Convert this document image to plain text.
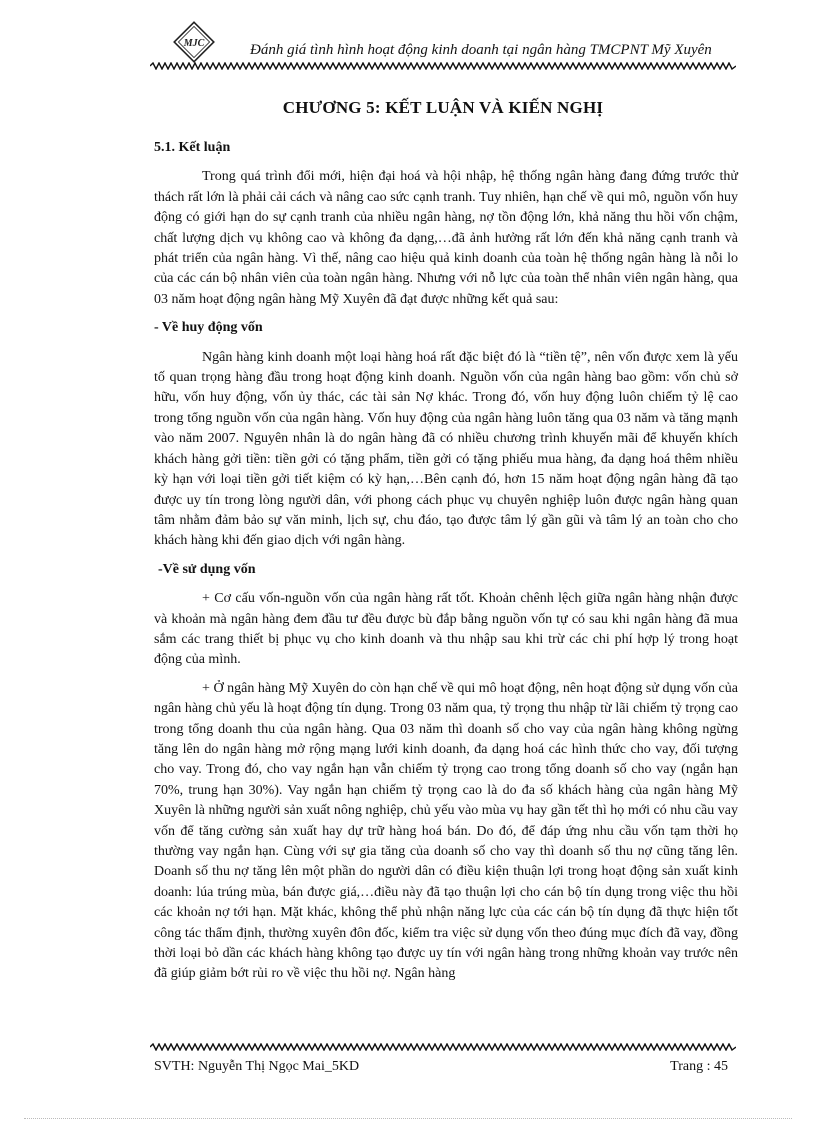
MJC	Đánh giá tình hình hoạt động kinh doanh tại ngân hàng TMCPNT Mỹ Xuyên
CHƯƠNG 5: KẾT LUẬN VÀ KIẾN NGHỊ
5.1. Kết luận

Trong quá trình đổi mới, hiện đại hoá và hội nhập, hệ thống ngân hàng đang đứng trước thử thách rất lớn là phải cải cách và nâng cao sức cạnh tranh. Tuy nhiên, hạn chế về qui mô, nguồn vốn huy động có giới hạn do sự cạnh tranh của nhiều ngân hàng, nợ tồn động lớn, khả năng thu hồi vốn chậm, chất lượng dịch vụ không cao và không đa dạng,…đã ảnh hưởng rất lớn đến khả năng cạnh tranh và phát triển của ngân hàng. Vì thế, nâng cao hiệu quả kinh doanh của toàn hệ thống ngân hàng là nỗi lo của các cán bộ nhân viên của toàn ngân hàng. Nhưng với nỗ lực của toàn thể nhân viên ngân hàng, qua 03 năm hoạt động ngân hàng Mỹ Xuyên đã đạt được những kết quả sau:

- Về huy động vốn

Ngân hàng kinh doanh một loại hàng hoá rất đặc biệt đó là “tiền tệ”, nên vốn được xem là yếu tố quan trọng hàng đầu trong hoạt động kinh doanh. Nguồn vốn của ngân hàng bao gồm: vốn chủ sở hữu, vốn huy động, vốn ủy thác, các tài sản Nợ khác. Trong đó, vốn huy động luôn chiếm tỷ lệ cao trong tổng nguồn vốn của ngân hàng. Vốn huy động của ngân hàng luôn tăng qua 03 năm và tăng mạnh vào năm 2007. Nguyên nhân là do ngân hàng đã có nhiều chương trình khuyến mãi để khuyến khích khách hàng gởi tiền: tiền gởi có tặng phẩm, tiền gởi có tặng phiếu mua hàng, đa dạng hoá thêm nhiều kỳ hạn với loại tiền gởi tiết kiệm có kỳ hạn,…Bên cạnh đó, hơn 15 năm hoạt động ngân hàng đã tạo được uy tín trong lòng người dân, với phong cách phục vụ chuyên nghiệp luôn được ngân hàng quan tâm nhằm đảm bảo sự văn minh, lịch sự, chu đáo, tạo được tâm lý gần gũi và tâm lý an toàn cho cho khách hàng khi đến giao dịch với ngân hàng.

-Về sử dụng vốn

+ Cơ cấu vốn-nguồn vốn của ngân hàng rất tốt. Khoản chênh lệch giữa ngân hàng nhận được và khoản mà ngân hàng đem đầu tư đều được bù đắp bằng nguồn vốn tự có sau khi ngân hàng đã mua sắm các trang thiết bị phục vụ cho kinh doanh và thu nhập sau khi trừ các chi phí hợp lý trong hoạt động của mình.

+ Ở ngân hàng Mỹ Xuyên do còn hạn chế về qui mô hoạt động, nên hoạt động sử dụng vốn của ngân hàng chủ yếu là hoạt động tín dụng. Trong 03 năm qua, tỷ trọng thu nhập từ lãi chiếm tỷ trọng cao trong tổng doanh thu của ngân hàng. Qua 03 năm thì doanh số cho vay của ngân hàng không ngừng tăng lên do ngân hàng mở rộng mạng lưới kinh doanh, đa dạng hoá các hình thức cho vay, đối tượng cho vay. Trong đó, cho vay ngắn hạn vẫn chiếm tỷ trọng cao trong tổng doanh số cho vay (ngắn hạn 70%, trung hạn 30%). Vay ngắn hạn chiếm tỷ trọng cao là do đa số khách hàng của ngân hàng Mỹ Xuyên là những người sản xuất nông nghiệp, chủ yếu vào mùa vụ hay gần tết thì họ mới có nhu cầu vay vốn để tăng cường sản xuất hay dự trữ hàng hoá bán. Do đó, để đáp ứng nhu cầu vốn tạm thời họ thường vay ngắn hạn. Cùng với sự gia tăng của doanh số cho vay thì doanh số thu nợ cũng tăng lên. Doanh số thu nợ tăng lên một phần do người dân có điều kiện thuận lợi trong hoạt động sản xuất kinh doanh: lúa trúng mùa, bán được giá,…điều này đã tạo thuận lợi cho cán bộ tín dụng trong việc thu hồi các khoản nợ tới hạn. Mặt khác, không thể phủ nhận năng lực của các cán bộ tín dụng đã thực hiện tốt công tác thẩm định, thường xuyên đôn đốc, kiểm tra việc sử dụng vốn theo đúng mục đích đã vay, đồng thời loại bỏ dần các khách hàng không tạo được uy tín với ngân hàng trong những khoản vay trước nên đã giúp giảm bớt rủi ro về việc thu hồi nợ. Ngân hàng

SVTH: Nguyễn Thị Ngọc Mai_5KD	Trang : 45
